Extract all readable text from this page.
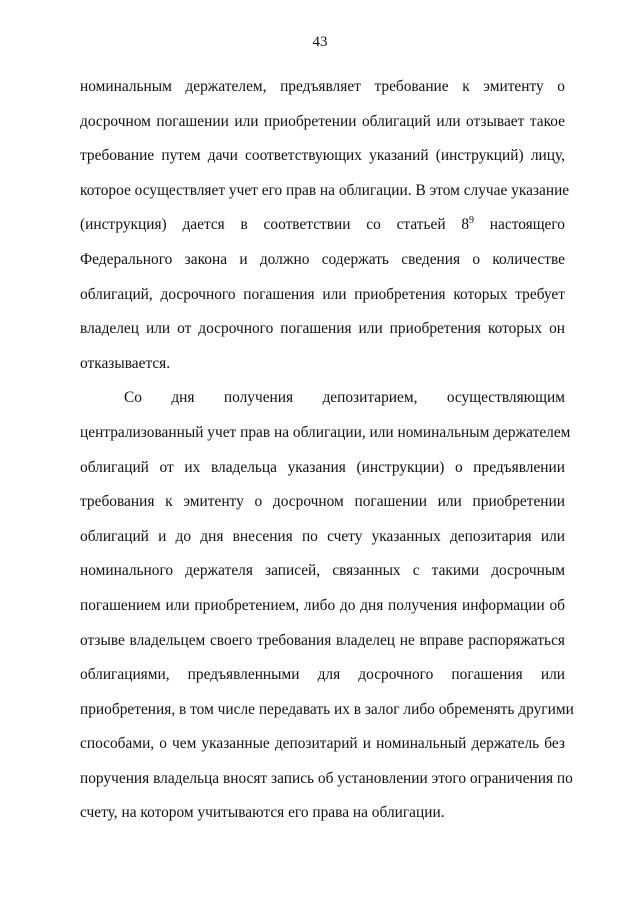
43
номинальным держателем, предъявляет требование к эмитенту о
досрочном погашении или приобретении облигаций или отзывает такое
требование путем дачи соответствующих указаний (инструкций) лицу,
которое осуществляет учет его прав на облигации. В этом случае указание
(инструкция) дается в соответствии со статьей $8^9$ настоящего
Федерального закона и должно содержать сведения о количестве
облигаций, досрочного погашения или приобретения которых требует
владелец или от досрочного погашения или приобретения которых он
отказывается.
Со дня получения депозитарием, осуществляющим
централизованный учет прав на облигации, или номинальным держателем
облигаций от их владельца указания (инструкции) о предъявлении
требования к эмитенту о досрочном погашении или приобретении
облигаций и до дня внесения по счету указанных депозитария или
номинального держателя записей, связанных с такими досрочным
погашением или приобретением, либо до дня получения информации об
отзыве владельцем своего требования владелец не вправе распоряжаться
облигациями, предъявленными для досрочного погашения или
приобретения, в том числе передавать их в залог либо обременять другими
способами, о чем указанные депозитарий и номинальный держатель без
поручения владельца вносят запись об установлении этого ограничения по
счету, на котором учитываются его права на облигации.
